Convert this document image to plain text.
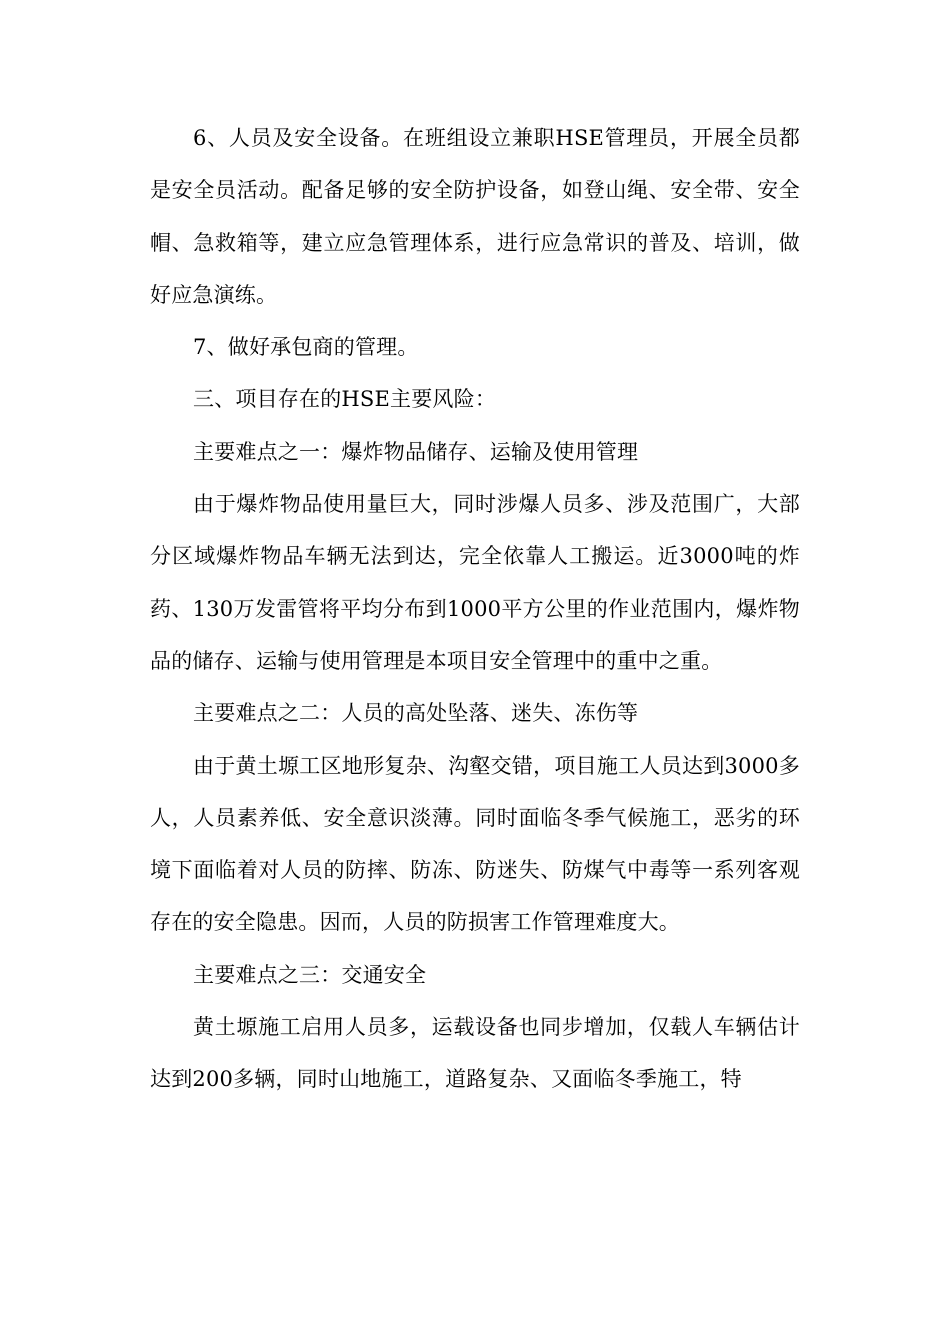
6、人员及安全设备。在班组设立兼职HSE管理员，开展全员都是安全员活动。配备足够的安全防护设备，如登山绳、安全带、安全帽、急救箱等，建立应急管理体系，进行应急常识的普及、培训，做好应急演练。

7、做好承包商的管理。

三、项目存在的HSE主要风险：

主要难点之一：爆炸物品储存、运输及使用管理

由于爆炸物品使用量巨大，同时涉爆人员多、涉及范围广，大部分区域爆炸物品车辆无法到达，完全依靠人工搬运。近3000吨的炸药、130万发雷管将平均分布到1000平方公里的作业范围内，爆炸物品的储存、运输与使用管理是本项目安全管理中的重中之重。

主要难点之二：人员的高处坠落、迷失、冻伤等

由于黄土塬工区地形复杂、沟壑交错，项目施工人员达到3000多人，人员素养低、安全意识淡薄。同时面临冬季气候施工，恶劣的环境下面临着对人员的防摔、防冻、防迷失、防煤气中毒等一系列客观存在的安全隐患。因而，人员的防损害工作管理难度大。

主要难点之三：交通安全

黄土塬施工启用人员多，运载设备也同步增加，仅载人车辆估计达到200多辆，同时山地施工，道路复杂、又面临冬季施工，特
